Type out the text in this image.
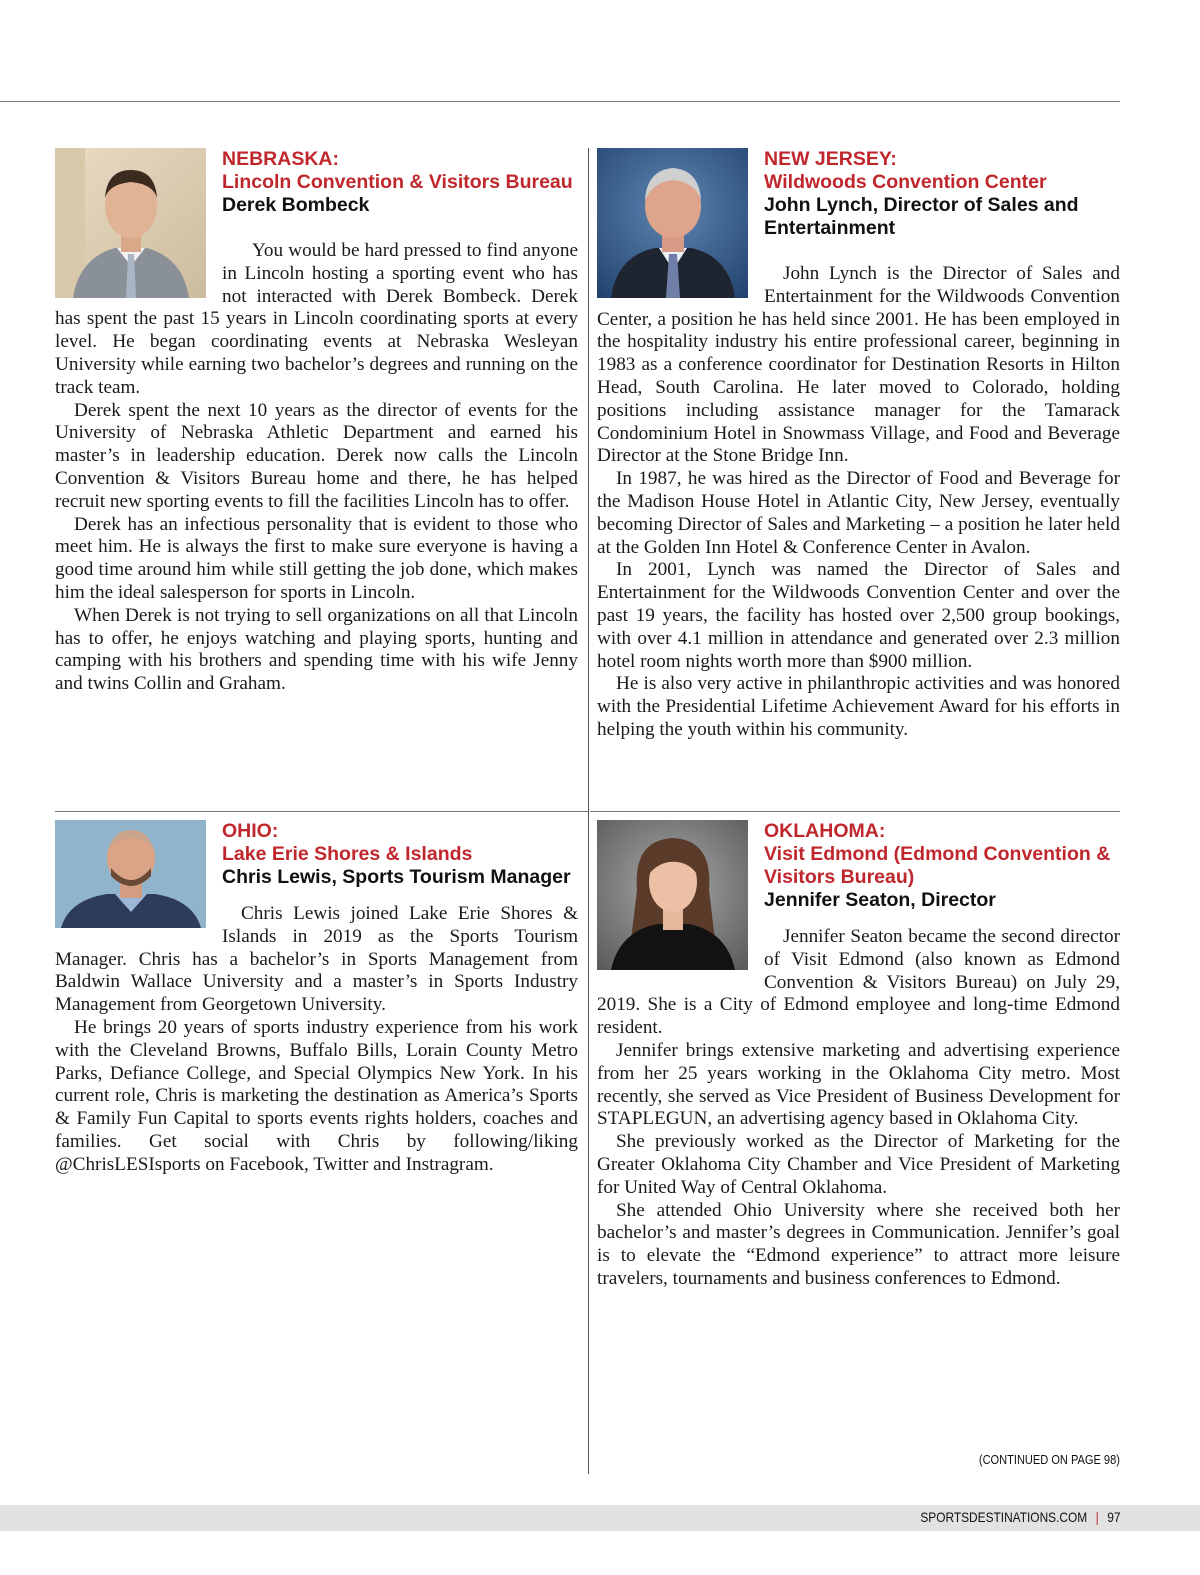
NEBRASKA:
Lincoln Convention & Visitors Bureau
Derek Bombeck

You would be hard pressed to find anyone in Lincoln hosting a sporting event who has not interacted with Derek Bombeck. Derek has spent the past 15 years in Lincoln coordinating sports at every level. He began coordinating events at Nebraska Wesleyan University while earning two bachelor’s degrees and running on the track team.

Derek spent the next 10 years as the director of events for the University of Nebraska Athletic Department and earned his master’s in leadership education. Derek now calls the Lincoln Convention & Visitors Bureau home and there, he has helped recruit new sporting events to fill the facilities Lincoln has to offer.

Derek has an infectious personality that is evident to those who meet him. He is always the first to make sure everyone is having a good time around him while still getting the job done, which makes him the ideal salesperson for sports in Lincoln.

When Derek is not trying to sell organizations on all that Lincoln has to offer, he enjoys watching and playing sports, hunting and camping with his brothers and spending time with his wife Jenny and twins Collin and Graham.

NEW JERSEY:
Wildwoods Convention Center
John Lynch, Director of Sales and Entertainment

John Lynch is the Director of Sales and Entertainment for the Wildwoods Convention Center, a position he has held since 2001. He has been employed in the hospitality industry his entire professional career, beginning in 1983 as a conference coordinator for Destination Resorts in Hilton Head, South Carolina. He later moved to Colorado, holding positions including assistance manager for the Tamarack Condominium Hotel in Snowmass Village, and Food and Beverage Director at the Stone Bridge Inn.

In 1987, he was hired as the Director of Food and Beverage for the Madison House Hotel in Atlantic City, New Jersey, eventually becoming Director of Sales and Marketing – a position he later held at the Golden Inn Hotel & Conference Center in Avalon.

In 2001, Lynch was named the Director of Sales and Entertainment for the Wildwoods Convention Center and over the past 19 years, the facility has hosted over 2,500 group bookings, with over 4.1 million in attendance and generated over 2.3 million hotel room nights worth more than $900 million.

He is also very active in philanthropic activities and was honored with the Presidential Lifetime Achievement Award for his efforts in helping the youth within his community.

OHIO:
Lake Erie Shores & Islands
Chris Lewis, Sports Tourism Manager

Chris Lewis joined Lake Erie Shores & Islands in 2019 as the Sports Tourism Manager. Chris has a bachelor’s in Sports Management from Baldwin Wallace University and a master’s in Sports Industry Management from Georgetown University.

He brings 20 years of sports industry experience from his work with the Cleveland Browns, Buffalo Bills, Lorain County Metro Parks, Defiance College, and Special Olympics New York. In his current role, Chris is marketing the destination as America’s Sports & Family Fun Capital to sports events rights holders, coaches and families. Get social with Chris by following/liking @ChrisLESIsports on Facebook, Twitter and Instragram.

OKLAHOMA:
Visit Edmond (Edmond Convention & Visitors Bureau)
Jennifer Seaton, Director

Jennifer Seaton became the second director of Visit Edmond (also known as Edmond Convention & Visitors Bureau) on July 29, 2019. She is a City of Edmond employee and long-time Edmond resident.

Jennifer brings extensive marketing and advertising experience from her 25 years working in the Oklahoma City metro. Most recently, she served as Vice President of Business Development for STAPLEGUN, an advertising agency based in Oklahoma City.

She previously worked as the Director of Marketing for the Greater Oklahoma City Chamber and Vice President of Marketing for United Way of Central Oklahoma.

She attended Ohio University where she received both her bachelor’s and master’s degrees in Communication. Jennifer’s goal is to elevate the “Edmond experience” to attract more leisure travelers, tournaments and business conferences to Edmond.

(CONTINUED ON PAGE 98)
SPORTSDESTINATIONS.COM | 97
